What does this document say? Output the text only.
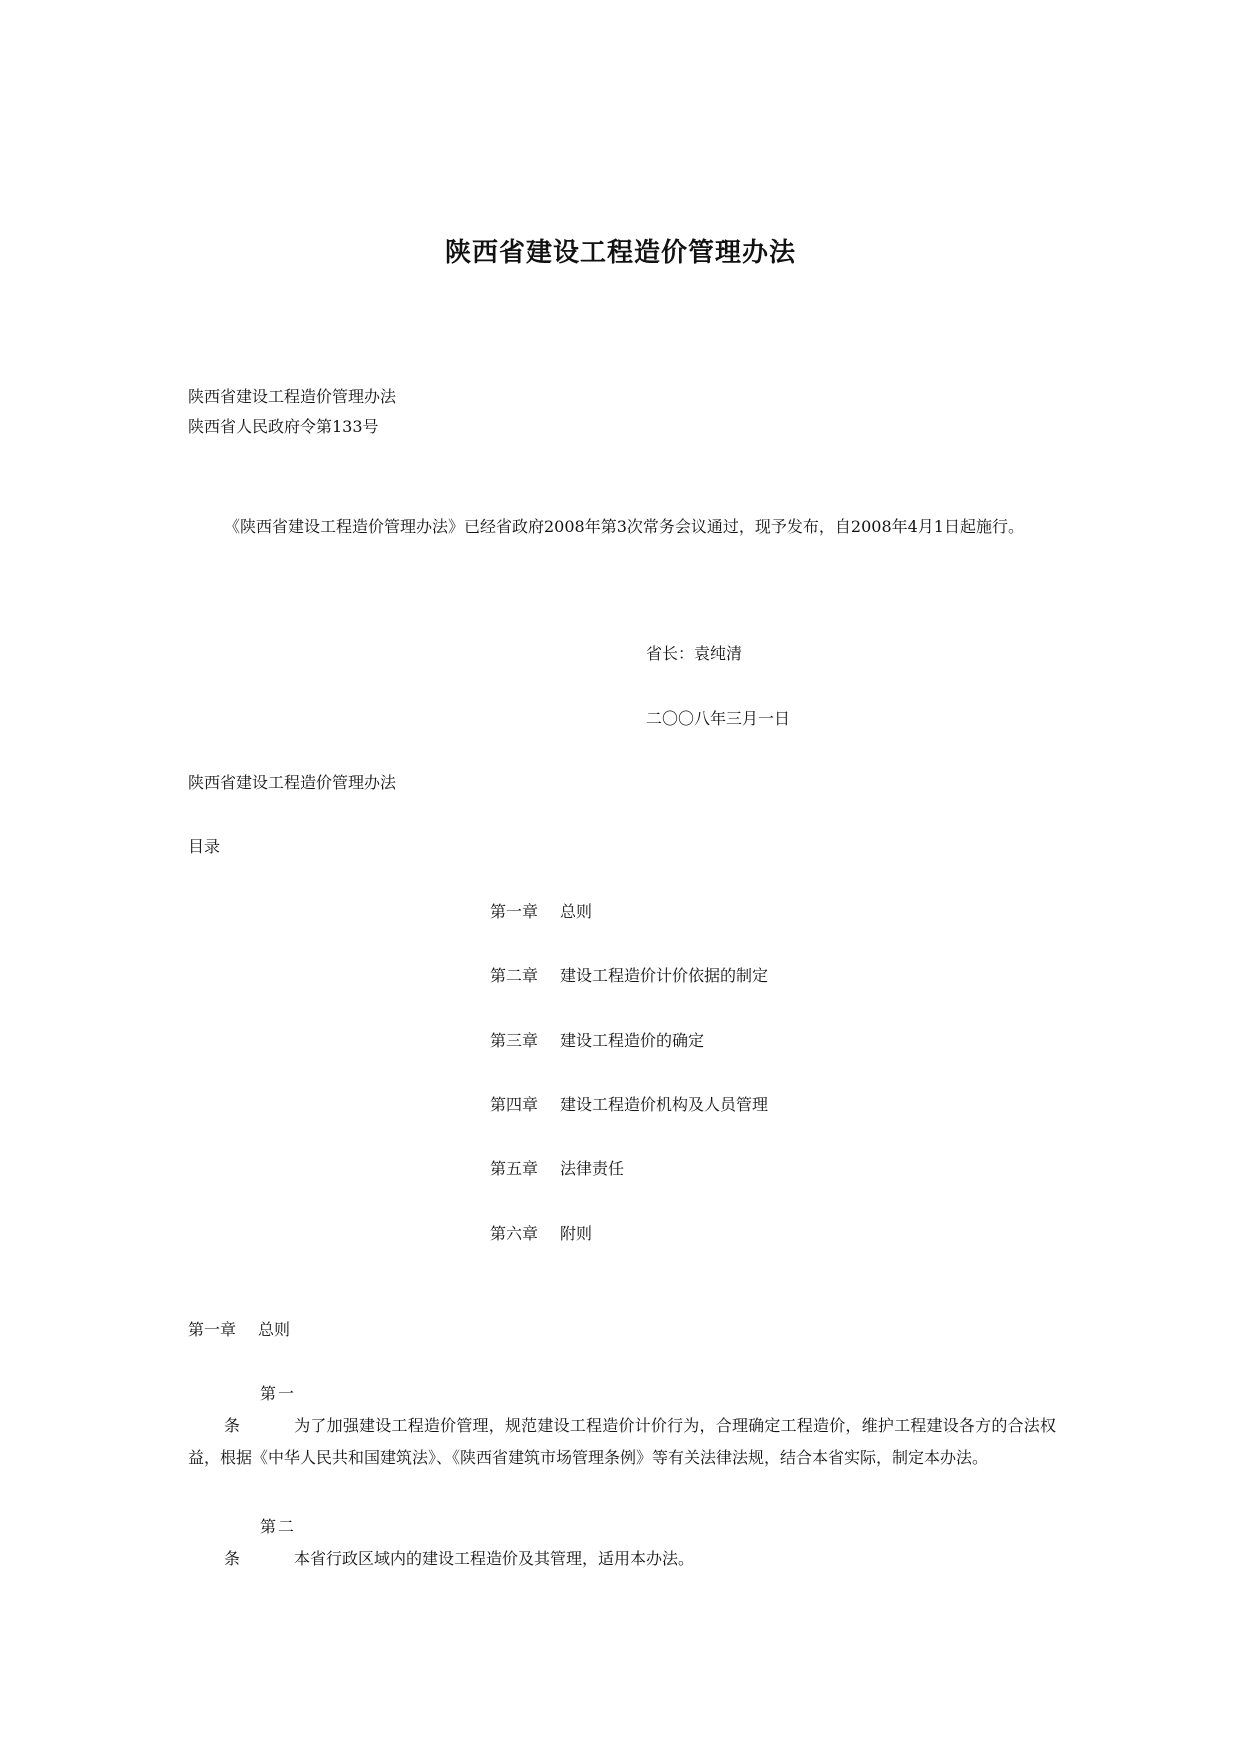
陕西省建设工程造价管理办法
陕西省建设工程造价管理办法
陕西省人民政府令第133号
《陕西省建设工程造价管理办法》已经省政府2008年第3次常务会议通过，现予发布，自2008年4月1日起施行。
省长：袁纯清
二〇〇八年三月一日
陕西省建设工程造价管理办法
目录
第一章 总则
第二章 建设工程造价计价依据的制定
第三章 建设工程造价的确定
第四章 建设工程造价机构及人员管理
第五章 法律责任
第六章 附则
第一章 总则
第一条	为了加强建设工程造价管理，规范建设工程造价计价行为，合理确定工程造价，维护工程建设各方的合法权益，根据《中华人民共和国建筑法》、《陕西省建筑市场管理条例》等有关法律法规，结合本省实际，制定本办法。
第二条	本省行政区域内的建设工程造价及其管理，适用本办法。
